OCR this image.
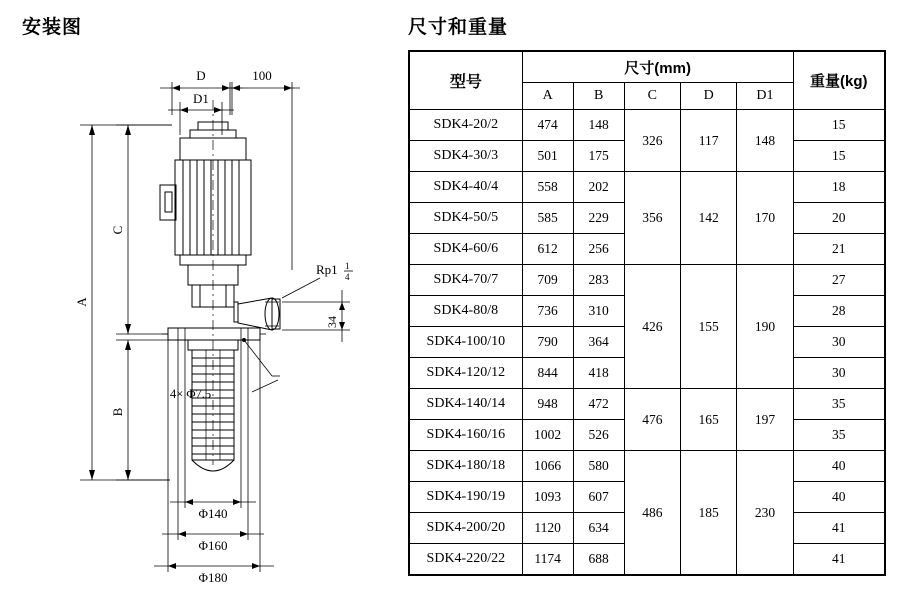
安装图	尺寸和重量
D	100
D1
4× Φ7.5
Rp1 1
4
34
A
C
B
Φ140
Φ160
Φ180
型号	尺寸(mm)					重量(kg)
	A	B	C	D	D1	
SDK4-20/2	474	148	326	117	148	15
SDK4-30/3	501	175				15
SDK4-40/4	558	202	356	142	170	18
SDK4-50/5	585	229				20
SDK4-60/6	612	256				21
SDK4-70/7	709	283	426	155	190	27
SDK4-80/8	736	310				28
SDK4-100/10	790	364				30
SDK4-120/12	844	418				30
SDK4-140/14	948	472	476	165	197	35
SDK4-160/16	1002	526				35
SDK4-180/18	1066	580	486	185	230	40
SDK4-190/19	1093	607				40
SDK4-200/20	1120	634				41
SDK4-220/22	1174	688				41
